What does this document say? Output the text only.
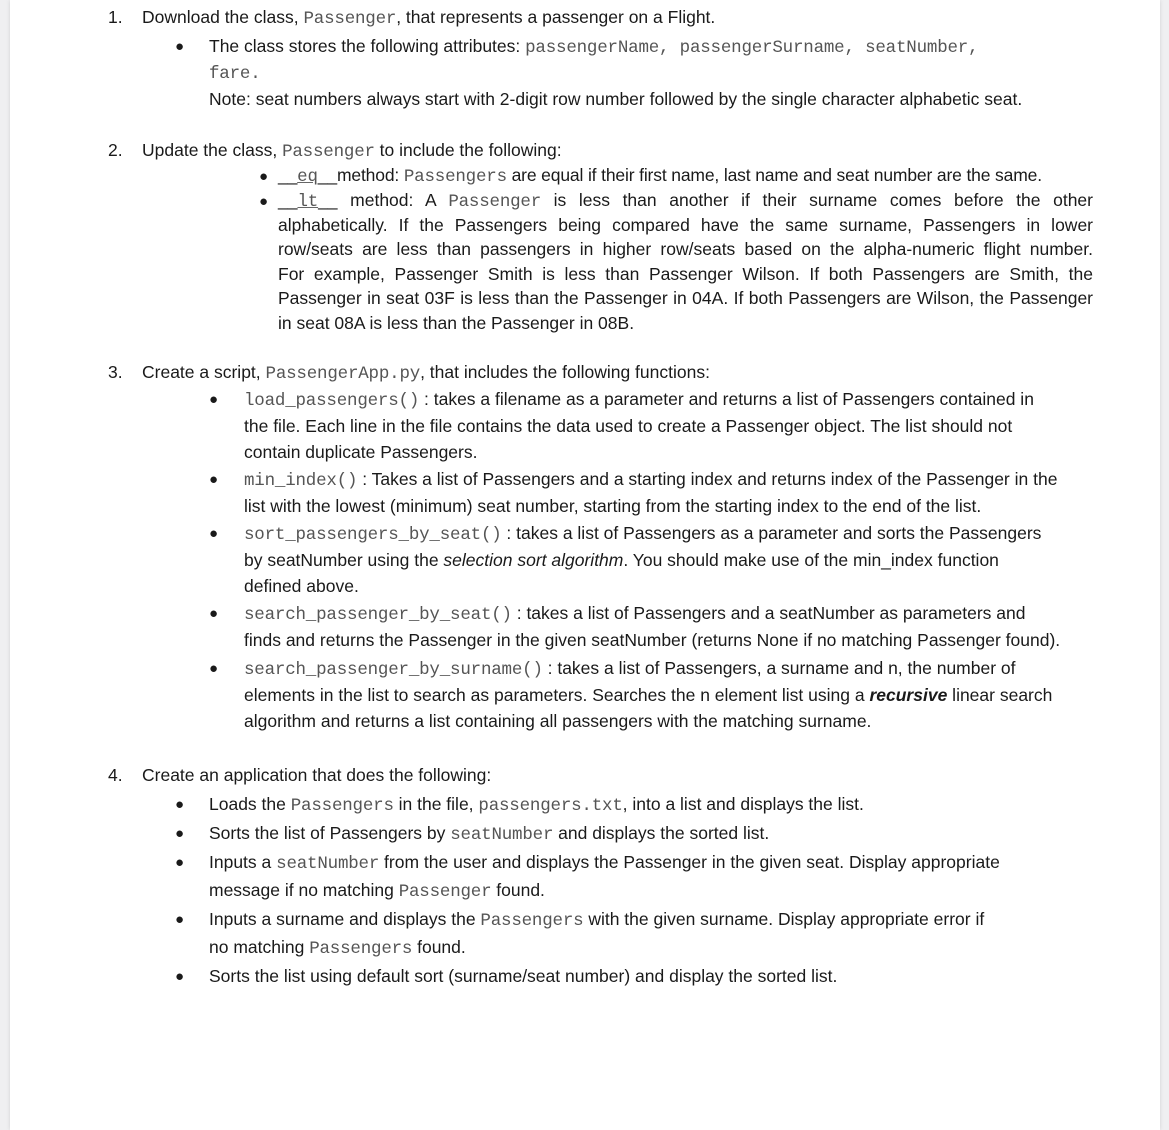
1. Download the class, Passenger, that represents a passenger on a Flight.
● The class stores the following attributes: passengerName, passengerSurname, seatNumber,
fare.
Note: seat numbers always start with 2-digit row number followed by the single character alphabetic seat.
2. Update the class, Passenger to include the following:
● __eq__method: Passengers are equal if their first name, last name and seat number are the same.
● __lt__ method: A Passenger is less than another if their surname comes before the other
alphabetically. If the Passengers being compared have the same surname, Passengers in lower
row/seats are less than passengers in higher row/seats based on the alpha-numeric flight number.
For example, Passenger Smith is less than Passenger Wilson. If both Passengers are Smith, the
Passenger in seat 03F is less than the Passenger in 04A. If both Passengers are Wilson, the Passenger
in seat 08A is less than the Passenger in 08B.
3. Create a script, PassengerApp.py, that includes the following functions:
● load_passengers() : takes a filename as a parameter and returns a list of Passengers contained in
the file. Each line in the file contains the data used to create a Passenger object. The list should not
contain duplicate Passengers.
● min_index() : Takes a list of Passengers and a starting index and returns index of the Passenger in the
list with the lowest (minimum) seat number, starting from the starting index to the end of the list.
● sort_passengers_by_seat() : takes a list of Passengers as a parameter and sorts the Passengers
by seatNumber using the selection sort algorithm. You should make use of the min_index function
defined above.
● search_passenger_by_seat() : takes a list of Passengers and a seatNumber as parameters and
finds and returns the Passenger in the given seatNumber (returns None if no matching Passenger found).
● search_passenger_by_surname() : takes a list of Passengers, a surname and n, the number of
elements in the list to search as parameters. Searches the n element list using a recursive linear search
algorithm and returns a list containing all passengers with the matching surname.
4. Create an application that does the following:
● Loads the Passengers in the file, passengers.txt, into a list and displays the list.
● Sorts the list of Passengers by seatNumber and displays the sorted list.
● Inputs a seatNumber from the user and displays the Passenger in the given seat. Display appropriate
message if no matching Passenger found.
● Inputs a surname and displays the Passengers with the given surname. Display appropriate error if
no matching Passengers found.
● Sorts the list using default sort (surname/seat number) and display the sorted list.
